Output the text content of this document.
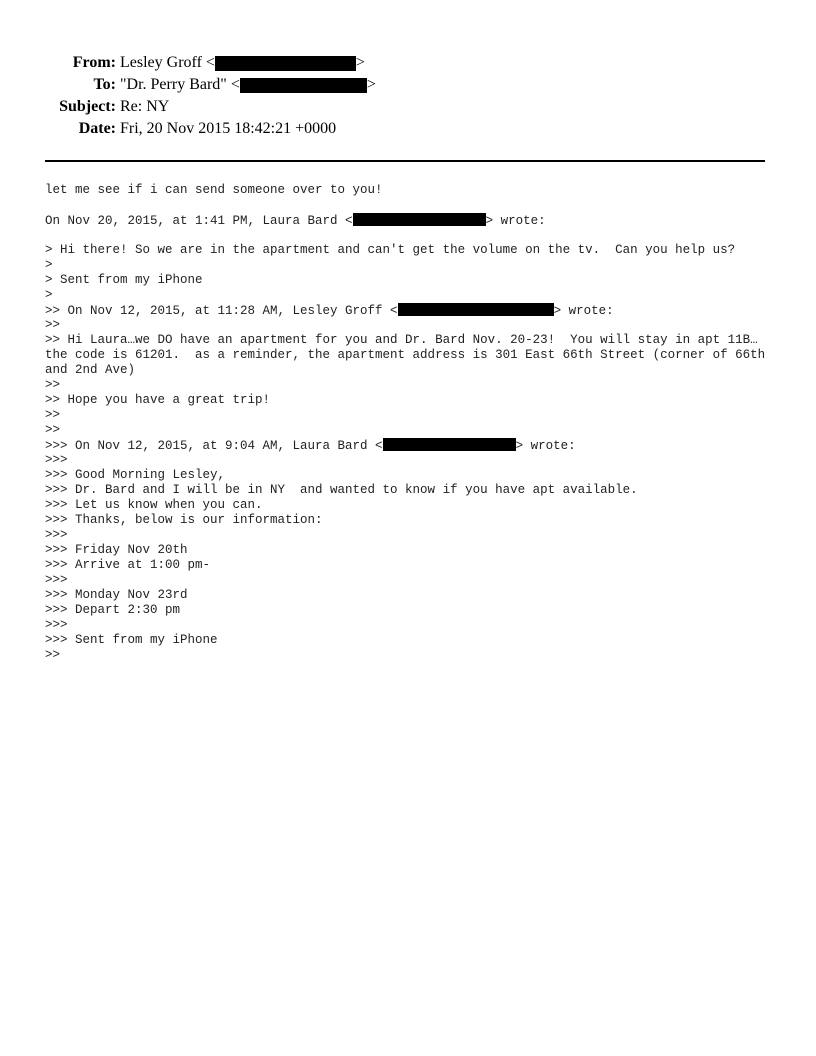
From: Lesley Groff <	>
To: "Dr. Perry Bard" <	>
Subject: Re: NY
Date: Fri, 20 Nov 2015 18:42:21 +0000
let me see if i can send someone over to you!
On Nov 20, 2015, at 1:41 PM, Laura Bard <	> wrote:
> Hi there! So we are in the apartment and can't get the volume on the tv.  Can you help us?
>
> Sent from my iPhone
>
>> On Nov 12, 2015, at 11:28 AM, Lesley Groff <	> wrote:
>>
>> Hi Laura…we DO have an apartment for you and Dr. Bard Nov. 20-23!  You will stay in apt 11B…the code is 61201.  as a reminder, the apartment address is 301 East 66th Street (corner of 66th and 2nd Ave)
>>
>> Hope you have a great trip!
>>
>>
>>> On Nov 12, 2015, at 9:04 AM, Laura Bard <	> wrote:
>>>
>>> Good Morning Lesley,
>>> Dr. Bard and I will be in NY  and wanted to know if you have apt available.
>>> Let us know when you can.
>>> Thanks, below is our information:
>>>
>>> Friday Nov 20th
>>> Arrive at 1:00 pm-
>>>
>>> Monday Nov 23rd
>>> Depart 2:30 pm
>>>
>>> Sent from my iPhone
>>
